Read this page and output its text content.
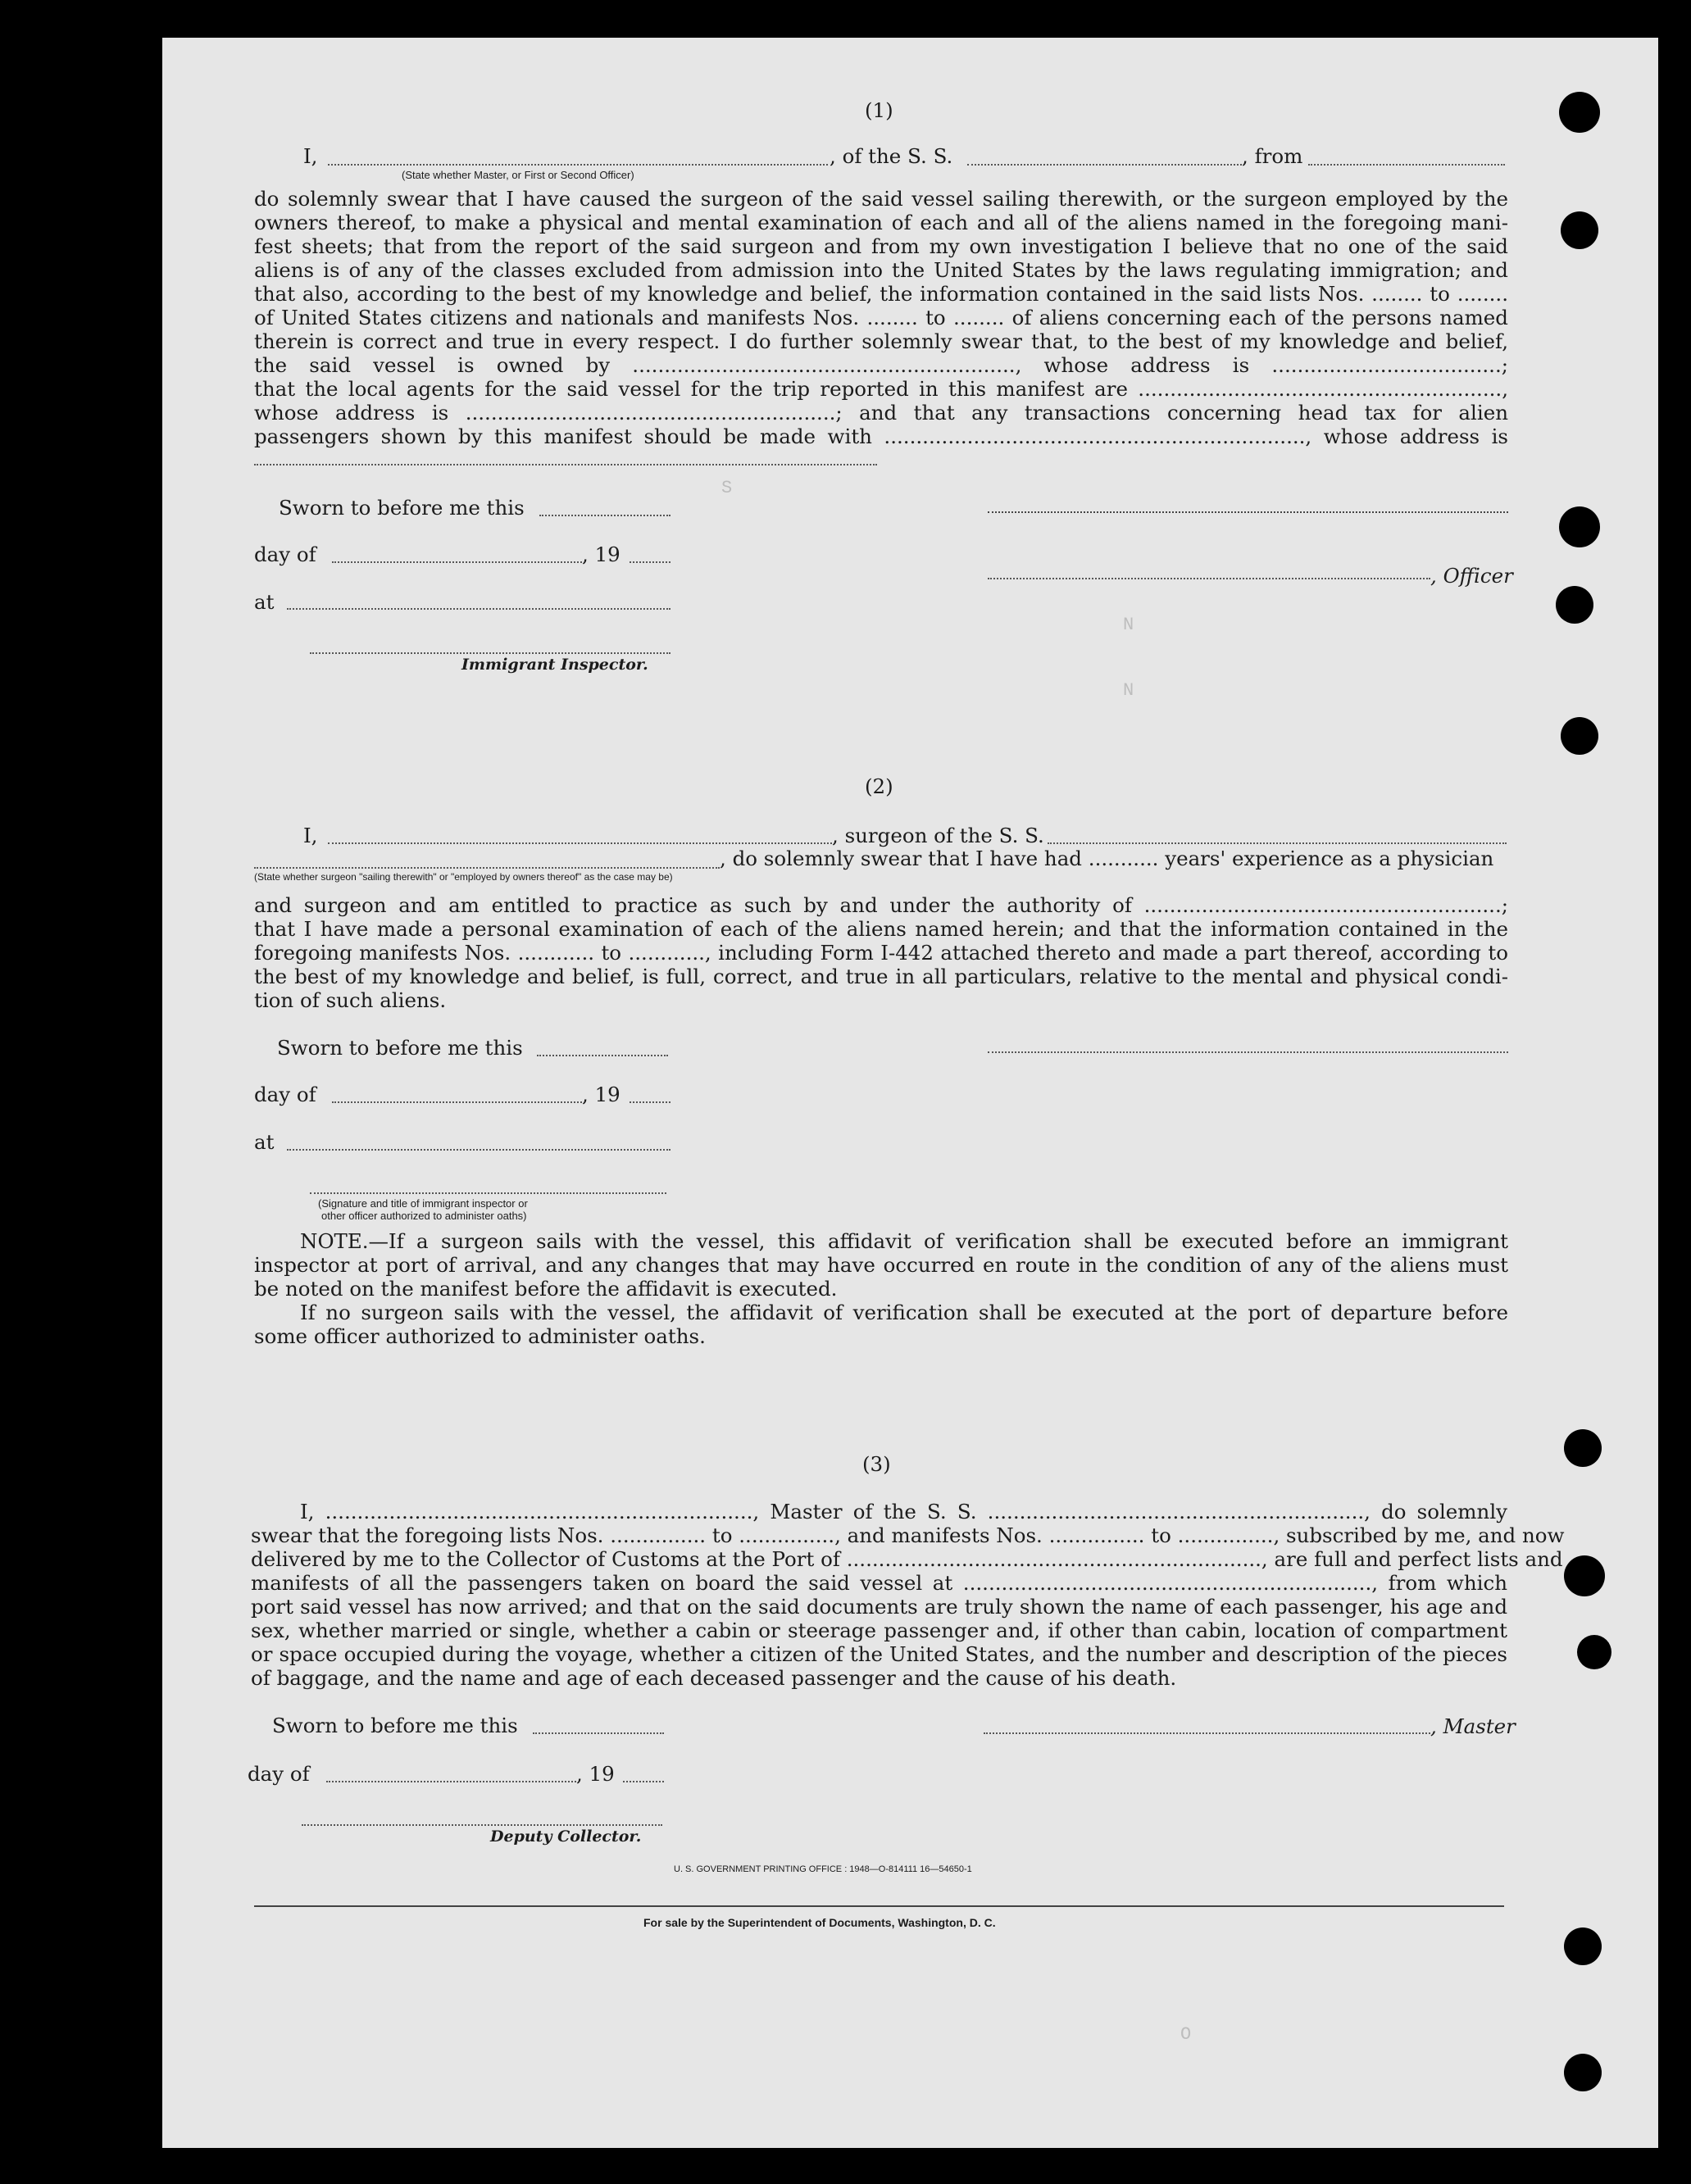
S
N
N
O
(1)
I,	, of the S. S.	, from
(State whether Master, or First or Second Officer)
do solemnly swear that I have caused the surgeon of the said vessel sailing therewith, or the surgeon employed by the
owners thereof, to make a physical and mental examination of each and all of the aliens named in the foregoing mani-
fest sheets; that from the report of the said surgeon and from my own investigation I believe that no one of the said
aliens is of any of the classes excluded from admission into the United States by the laws regulating immigration; and
that also, according to the best of my knowledge and belief, the information contained in the said lists Nos. ........ to ........
of United States citizens and nationals and manifests Nos. ........ to ........ of aliens concerning each of the persons named
therein is correct and true in every respect. I do further solemnly swear that, to the best of my knowledge and belief,
the said vessel is owned by ............................................................, whose address is ....................................;
that the local agents for the said vessel for the trip reported in this manifest are .........................................................,
whose address is ..........................................................; and that any transactions concerning head tax for alien
passengers shown by this manifest should be made with .................................................................., whose address is
Sworn to before me this
day of	, 19
, Officer
at
Immigrant Inspector.
(2)
I,	, surgeon of the S. S.
, do solemnly swear that I have had ........... years' experience as a physician
(State whether surgeon "sailing therewith" or "employed by owners thereof" as the case may be)
and surgeon and am entitled to practice as such by and under the authority of ........................................................;
that I have made a personal examination of each of the aliens named herein; and that the information contained in the
foregoing manifests Nos. ............ to ............, including Form I-442 attached thereto and made a part thereof, according to
the best of my knowledge and belief, is full, correct, and true in all particulars, relative to the mental and physical condi-
tion of such aliens.
Sworn to before me this
day of	, 19
at
(Signature and title of immigrant inspector or
other officer authorized to administer oaths)
NOTE.—If a surgeon sails with the vessel, this affidavit of verification shall be executed before an immigrant
inspector at port of arrival, and any changes that may have occurred en route in the condition of any of the aliens must
be noted on the manifest before the affidavit is executed.
If no surgeon sails with the vessel, the affidavit of verification shall be executed at the port of departure before
some officer authorized to administer oaths.
(3)
I, ..................................................................., Master of the S. S. ..........................................................., do solemnly
swear that the foregoing lists Nos. ............... to ..............., and manifests Nos. ............... to ..............., subscribed by me, and now
delivered by me to the Collector of Customs at the Port of ................................................................., are full and perfect lists and
manifests of all the passengers taken on board the said vessel at ................................................................, from which
port said vessel has now arrived; and that on the said documents are truly shown the name of each passenger, his age and
sex, whether married or single, whether a cabin or steerage passenger and, if other than cabin, location of compartment
or space occupied during the voyage, whether a citizen of the United States, and the number and description of the pieces
of baggage, and the name and age of each deceased passenger and the cause of his death.
Sworn to before me this	, Master
day of	, 19
Deputy Collector.
U. S. GOVERNMENT PRINTING OFFICE : 1948—O-814111 16—54650-1
For sale by the Superintendent of Documents, Washington, D. C.
